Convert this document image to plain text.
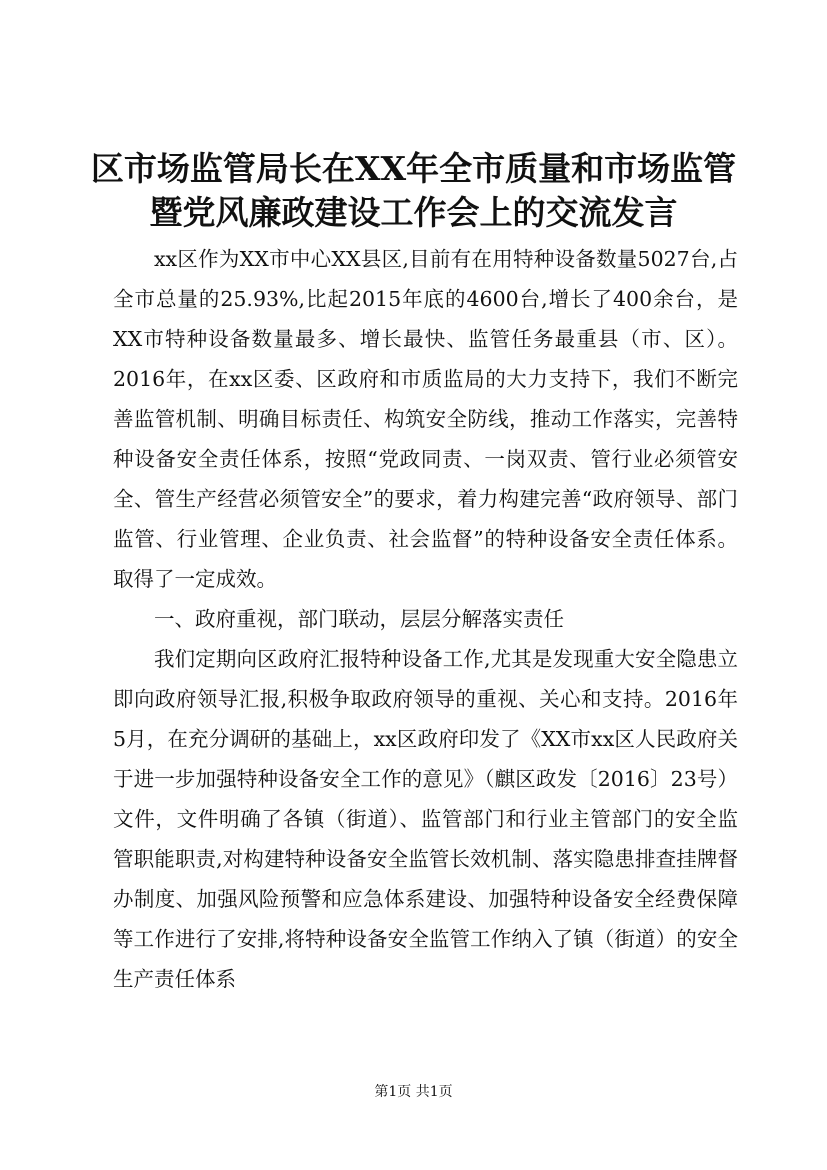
区市场监管局长在XX年全市质量和市场监管
暨党风廉政建设工作会上的交流发言

xx区作为XX市中心XX县区,目前有在用特种设备数量5027台,占全市总量的25.93%,比起2015年底的4600台,增长了400余台，是XX市特种设备数量最多、增长最快、监管任务最重县（市、区）。2016年，在xx区委、区政府和市质监局的大力支持下，我们不断完善监管机制、明确目标责任、构筑安全防线，推动工作落实，完善特种设备安全责任体系，按照“党政同责、一岗双责、管行业必须管安全、管生产经营必须管安全”的要求，着力构建完善“政府领导、部门监管、行业管理、企业负责、社会监督”的特种设备安全责任体系。取得了一定成效。

一、政府重视，部门联动，层层分解落实责任

我们定期向区政府汇报特种设备工作,尤其是发现重大安全隐患立即向政府领导汇报,积极争取政府领导的重视、关心和支持。2016年5月，在充分调研的基础上，xx区政府印发了《XX市xx区人民政府关于进一步加强特种设备安全工作的意见》（麒区政发〔2016〕23号）文件，文件明确了各镇（街道）、监管部门和行业主管部门的安全监管职能职责,对构建特种设备安全监管长效机制、落实隐患排查挂牌督办制度、加强风险预警和应急体系建设、加强特种设备安全经费保障等工作进行了安排,将特种设备安全监管工作纳入了镇（街道）的安全生产责任体系

第1页 共1页
